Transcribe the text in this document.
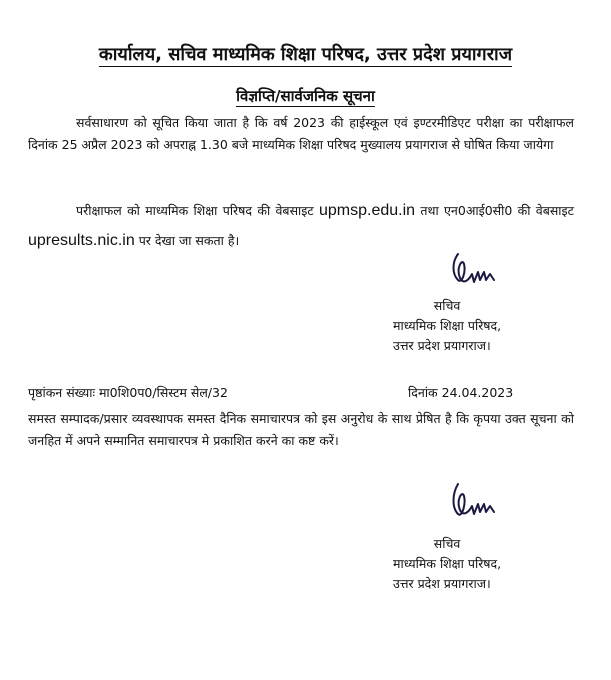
कार्यालय, सचिव माध्यमिक शिक्षा परिषद, उत्तर प्रदेश प्रयागराज
विज्ञप्ति/सार्वजनिक सूचना
सर्वसाधारण को सूचित किया जाता है कि वर्ष 2023 की हाईस्कूल एवं इण्टरमीडिएट परीक्षा का परीक्षाफल दिनांक 25 अप्रैल 2023 को अपराह्न 1.30 बजे माध्यमिक शिक्षा परिषद मुख्यालय प्रयागराज से घोषित किया जायेगा
परीक्षाफल को माध्यमिक शिक्षा परिषद की वेबसाइट upmsp.edu.in तथा एन0आई0सी0 की वेबसाइट upresults.nic.in पर देखा जा सकता है।
सचिव
माध्यमिक शिक्षा परिषद,
उत्तर प्रदेश प्रयागराज।
पृष्ठांकन संख्याः मा0शि0प0/सिस्टम सेल/32	दिनांक 24.04.2023
समस्त सम्पादक/प्रसार व्यवस्थापक समस्त दैनिक समाचारपत्र को इस अनुरोध के साथ प्रेषित है कि कृपया उक्त सूचना को जनहित में अपने सम्मानित समाचारपत्र मे प्रकाशित करने का कष्ट करें।
सचिव
माध्यमिक शिक्षा परिषद,
उत्तर प्रदेश प्रयागराज।
